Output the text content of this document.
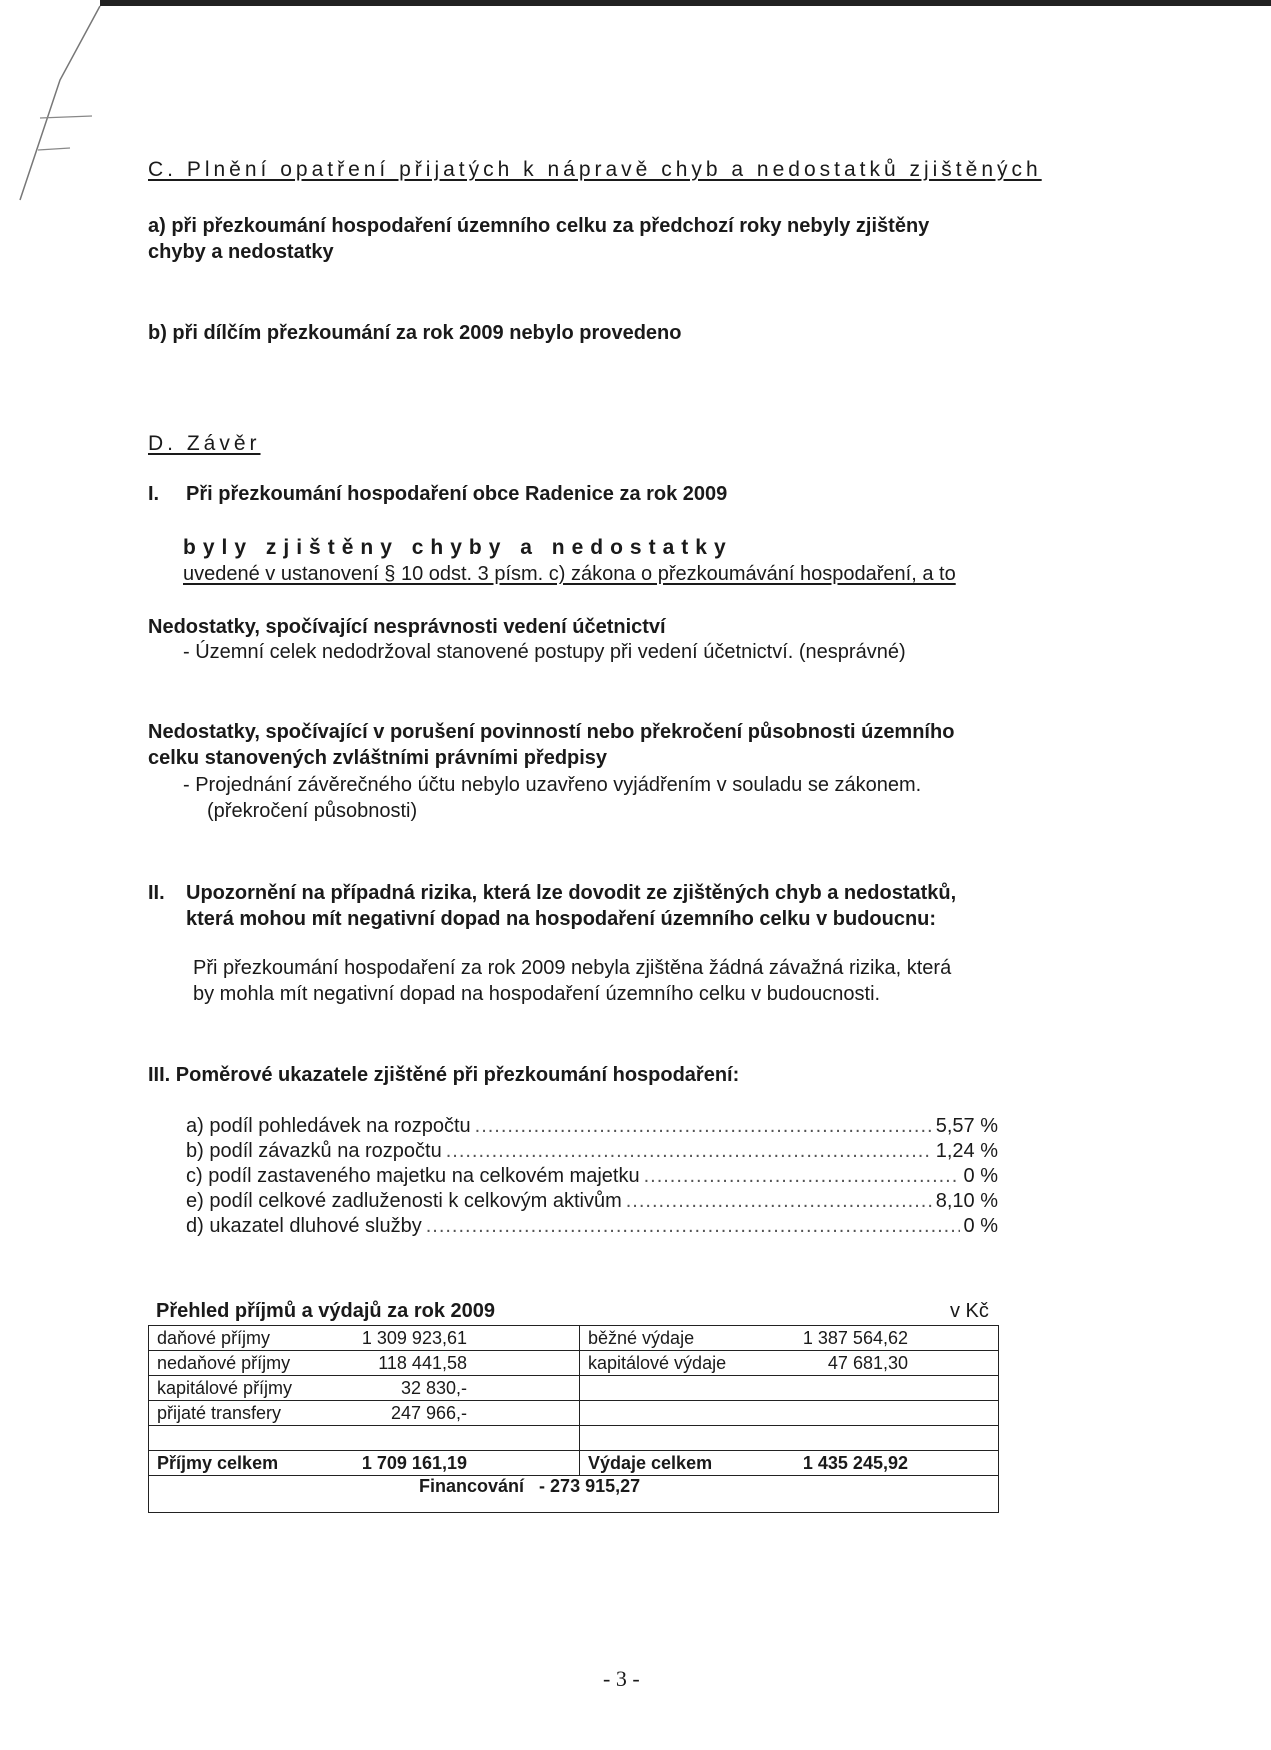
C. Plnění opatření přijatých k nápravě chyb a nedostatků zjištěných
a) při přezkoumání hospodaření územního celku za předchozí roky nebyly zjištěny
chyby a nedostatky
b) při dílčím přezkoumání za rok 2009 nebylo provedeno
D. Závěr
I. Při přezkoumání hospodaření obce Radenice za rok 2009
byly zjištěny chyby a nedostatky
uvedené v ustanovení § 10 odst. 3 písm. c) zákona o přezkoumávání hospodaření, a to
Nedostatky, spočívající nesprávnosti vedení účetnictví
- Územní celek nedodržoval stanovené postupy při vedení účetnictví. (nesprávné)
Nedostatky, spočívající v porušení povinností nebo překročení působnosti územního
celku stanovených zvláštními právními předpisy
- Projednání závěrečného účtu nebylo uzavřeno vyjádřením v souladu se zákonem.
(překročení působnosti)
II. Upozornění na případná rizika, která lze dovodit ze zjištěných chyb a nedostatků,
která mohou mít negativní dopad na hospodaření územního celku v budoucnu:
Při přezkoumání hospodaření za rok 2009 nebyla zjištěna žádná závažná rizika, která
by mohla mít negativní dopad na hospodaření územního celku v budoucnosti.
III. Poměrové ukazatele zjištěné při přezkoumání hospodaření:
a) podíl pohledávek na rozpočtu .....	5,57 %
b) podíl závazků na rozpočtu .....	1,24 %
c) podíl zastaveného majetku na celkovém majetku .....	0 %
e) podíl celkové zadluženosti k celkovým aktivům .....	8,10 %
d) ukazatel dluhové služby .....	0 %
Přehled příjmů a výdajů za rok 2009	v Kč
daňové příjmy 1 309 923,61	běžné výdaje 1 387 564,62

nedaňové příjmy 118 441,58	kapitálové výdaje 47 681,30

kapitálové příjmy 32 830,-	

přijaté transfery 247 966,-	

Příjmy celkem 1 709 161,19	Výdaje celkem 1 435 245,92

Financování - 273 915,27	
- 3 -
